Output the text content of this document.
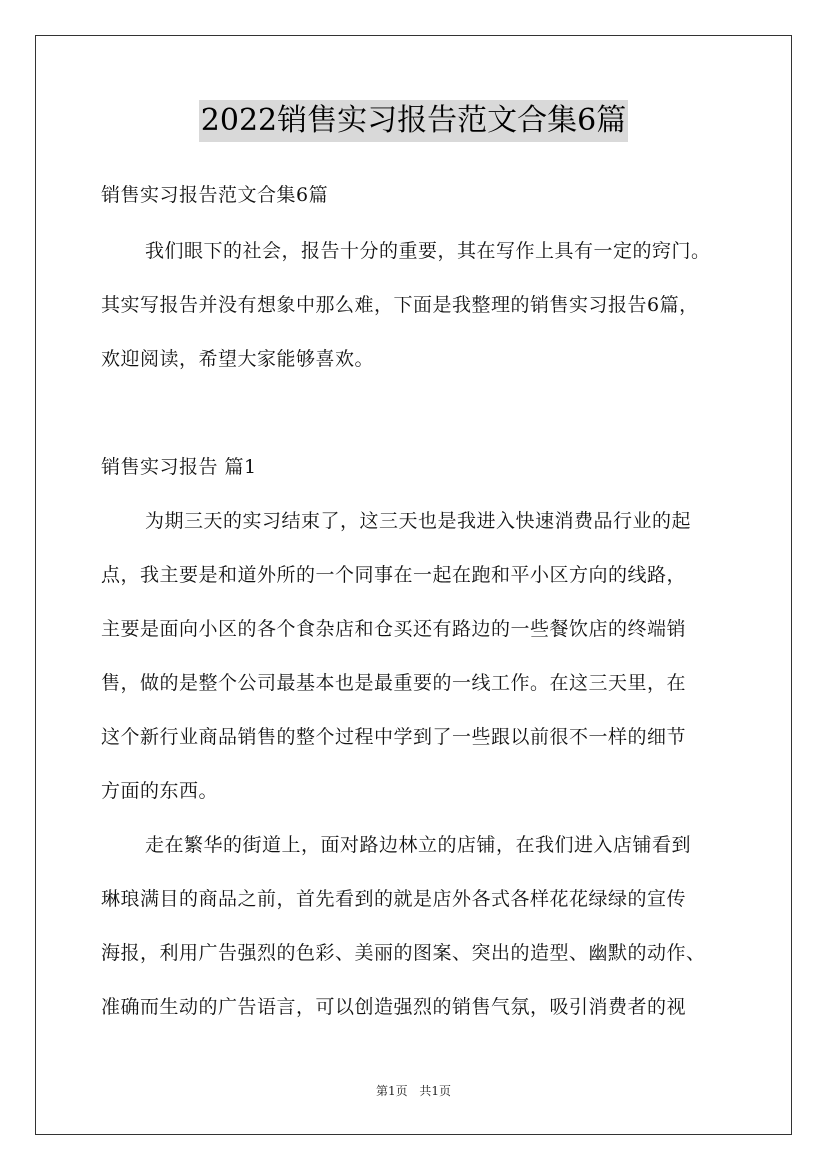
2022销售实习报告范文合集6篇
销售实习报告范文合集6篇
我们眼下的社会，报告十分的重要，其在写作上具有一定的窍门。
其实写报告并没有想象中那么难，下面是我整理的销售实习报告6篇，
欢迎阅读，希望大家能够喜欢。
销售实习报告 篇1
为期三天的实习结束了，这三天也是我进入快速消费品行业的起
点，我主要是和道外所的一个同事在一起在跑和平小区方向的线路，
主要是面向小区的各个食杂店和仓买还有路边的一些餐饮店的终端销
售，做的是整个公司最基本也是最重要的一线工作。在这三天里，在
这个新行业商品销售的整个过程中学到了一些跟以前很不一样的细节
方面的东西。
走在繁华的街道上，面对路边林立的店铺，在我们进入店铺看到
琳琅满目的商品之前，首先看到的就是店外各式各样花花绿绿的宣传
海报，利用广告强烈的色彩、美丽的图案、突出的造型、幽默的动作、
准确而生动的广告语言，可以创造强烈的销售气氛，吸引消费者的视
第1页 共1页
